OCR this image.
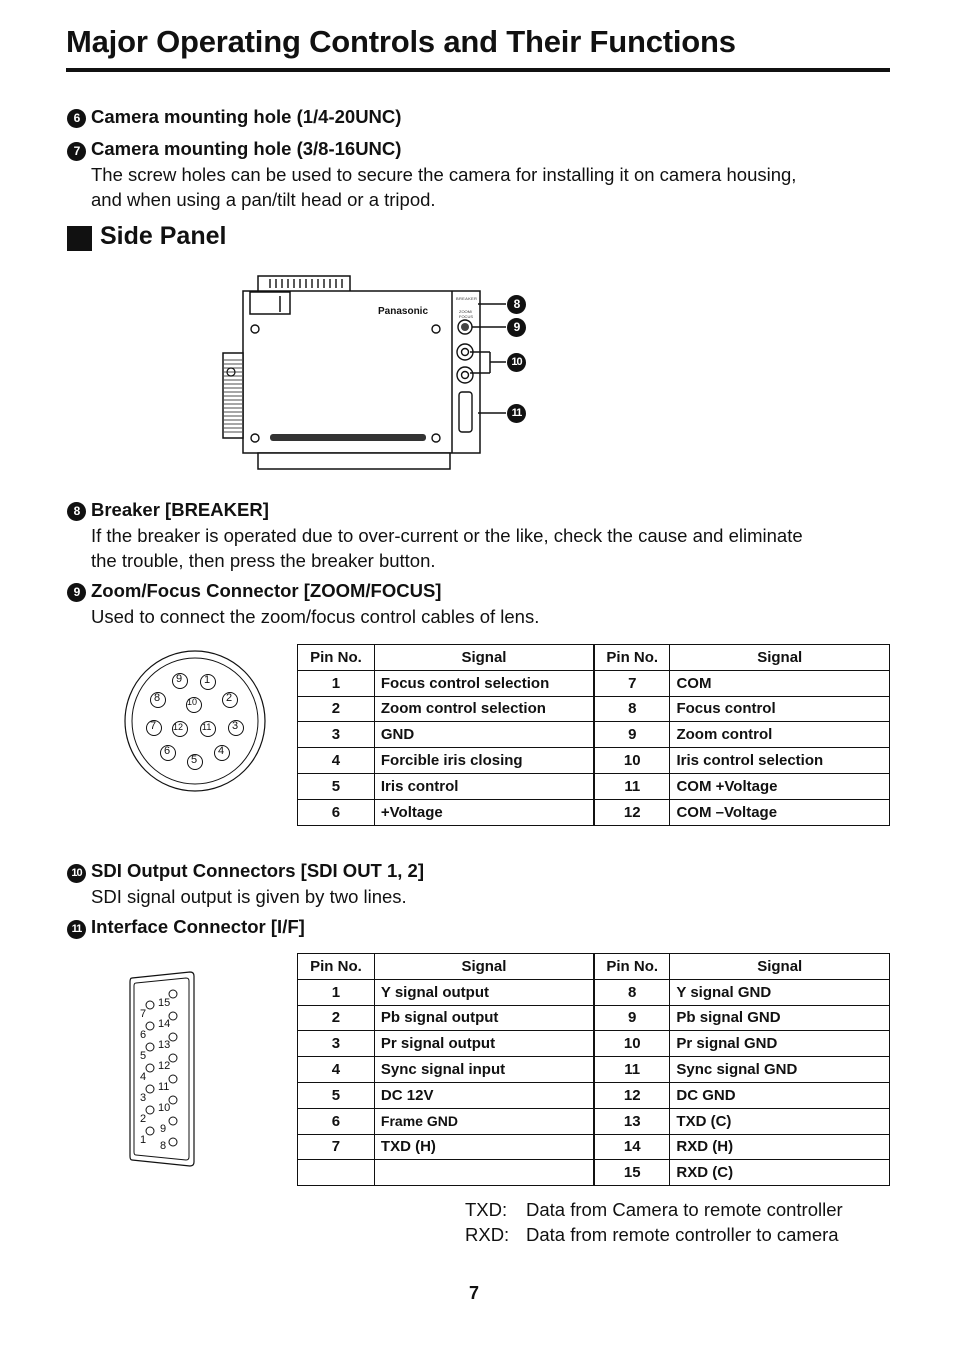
Major Operating Controls and Their Functions
6 Camera mounting hole (1/4-20UNC)
7 Camera mounting hole (3/8-16UNC)
The screw holes can be used to secure the camera for installing it on camera housing,
and when using a pan/tilt head or a tripod.
Side Panel
Panasonic
BREAKER
ZOOM/
FOCUS
8
9
10
11
8 Breaker [BREAKER]
If the breaker is operated due to over-current or the like, check the cause and eliminate
the trouble, then press the breaker button.
9 Zoom/Focus Connector [ZOOM/FOCUS]
Used to connect the zoom/focus control cables of lens.
1
2
3
4
5
6
7
8
9
10
11
12
Pin No.	Signal	Pin No.	Signal
1	Focus control selection	7	COM
2	Zoom control selection	8	Focus control
3	GND	9	Zoom control
4	Forcible iris closing	10	Iris control selection
5	Iris control	11	COM +Voltage
6	+Voltage	12	COM –Voltage
10 SDI Output Connectors [SDI OUT 1, 2]
SDI signal output is given by two lines.
11 Interface Connector [I/F]
15
7
14
6
13
5
12
4
11
3
10
2
9
1 8
Pin No.	Signal	Pin No.	Signal
1	Y signal output	8	Y signal GND
2	Pb signal output	9	Pb signal GND
3	Pr signal output	10	Pr signal GND
4	Sync signal input	11	Sync signal GND
5	DC 12V	12	DC GND
6	Frame GND	13	TXD (C)
7	TXD (H)	14	RXD (H)
		15	RXD (C)
TXD: Data from Camera to remote controller
RXD: Data from remote controller to camera
7
